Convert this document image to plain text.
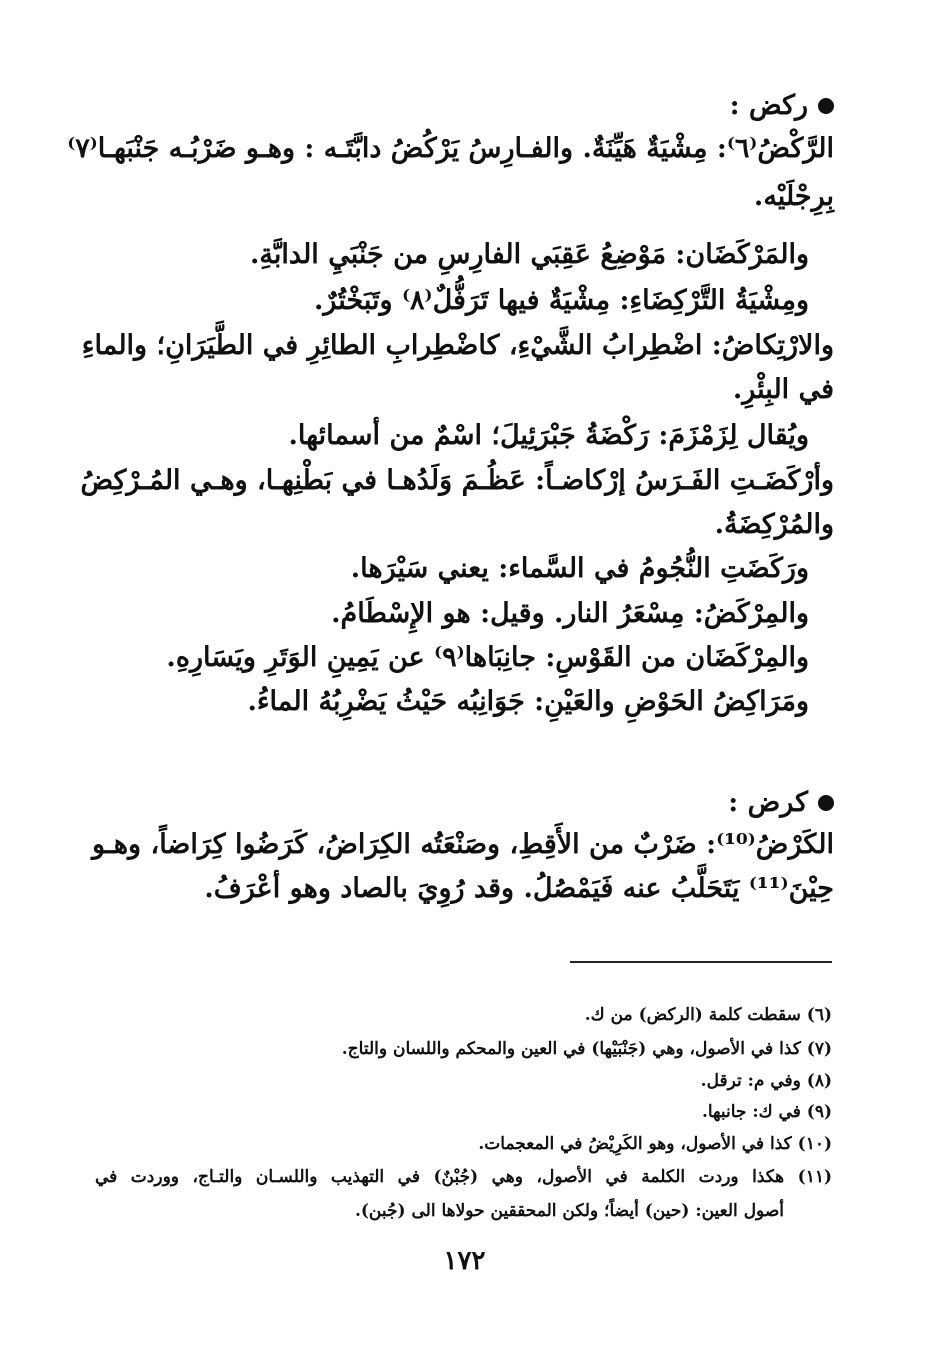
ركض :
الرَّكْضُ⁽٦⁾: مِشْيَةٌ هَيِّنَةٌ. والفـارِسُ يَرْكُضُ دابَّتَـه : وهـو ضَرْبُـه جَنْبَهـا⁽٧⁾
بِرِجْلَيْه.
والمَرْكَضَان: مَوْضِعُ عَقِبَي الفارِسِ من جَنْبَيِ الدابَّةِ.
ومِشْيَةُ التَّرْكِضَاءِ: مِشْيَةٌ فيها تَرَفُّلٌ⁽٨⁾ وتَبَخْتُرٌ.
والارْتِكاضُ: اضْطِرابُ الشَّيْءِ، كاضْطِرابِ الطائِرِ في الطَّيَرَانِ؛ والماءِ
في البِئْرِ.
ويُقال لِزَمْزَمَ: رَكْضَةُ جَبْرَئِيلَ؛ اسْمٌ من أسمائها.
وأرْكَضَـتِ الفَـرَسُ إرْكاضـاً: عَظُـمَ وَلَدُهـا في بَطْنِهـا، وهـي المُـرْكِضُ
والمُرْكِضَةُ.
ورَكَضَتِ النُّجُومُ في السَّماء: يعني سَيْرَها.
والمِرْكَضُ: مِسْعَرُ النار. وقيل: هو الإِسْطَامُ.
والمِرْكَضَان من القَوْسِ: جانِبَاها⁽٩⁾ عن يَمِينِ الوَتَرِ ويَسَارِهِ.
ومَرَاكِضُ الحَوْضِ والعَيْنِ: جَوَانِبُه حَيْثُ يَضْرِبُهُ الماءُ.
كرض :
الكَرْضُ⁽¹⁰⁾: ضَرْبٌ من الأَقِطِ، وصَنْعَتُه الكِرَاضُ، كَرَضُوا كِرَاضاً، وهـو
حِيْنَ⁽¹¹⁾ يَتَحَلَّبُ عنه فَيَمْصُلُ. وقد رُوِيَ بالصاد وهو أعْرَفُ.
(٦) سقطت كلمة (الركض) من ك.
(٧) كذا في الأصول، وهي (جَنْبَيْها) في العين والمحكم واللسان والتاج.
(٨) وفي م: ترقل.
(٩) في ك: جانبها.
(١٠) كذا في الأصول، وهو الكَرِيْضُ في المعجمات.
(١١) هكذا وردت الكلمة في الأصول، وهي (جُبْنٌ) في التهذيب واللسـان والتـاج، ووردت في
أصول العين: (حين) أيضاً؛ ولكن المحققين حولاها الى (جُبن).
١٧٢
